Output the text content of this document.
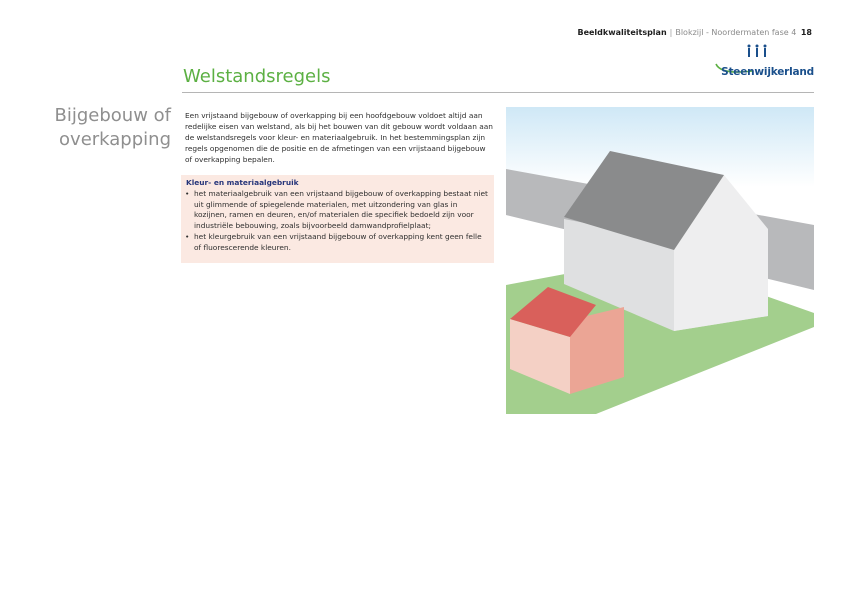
Beeldkwaliteitsplan | Blokzijl - Noordermaten fase 4 18
Steenwijkerland
Welstandsregels
Bijgebouw of
overkapping
Een vrijstaand bijgebouw of overkapping bij een hoofdgebouw voldoet altijd aan redelijke eisen van welstand, als bij het bouwen van dit gebouw wordt voldaan aan de welstandsregels voor kleur- en materiaalgebruik. In het bestemmingsplan zijn regels opgenomen die de positie en de afmetingen van een vrijstaand bijgebouw of overkapping bepalen.
Kleur- en materiaalgebruik
• het materiaalgebruik van een vrijstaand bijgebouw of overkapping bestaat niet uit glimmende of spiegelende materialen, met uitzondering van glas in kozijnen, ramen en deuren, en/of materialen die specifiek bedoeld zijn voor industriële bebouwing, zoals bijvoorbeeld damwandprofielplaat;
• het kleurgebruik van een vrijstaand bijgebouw of overkapping kent geen felle of fluorescerende kleuren.
